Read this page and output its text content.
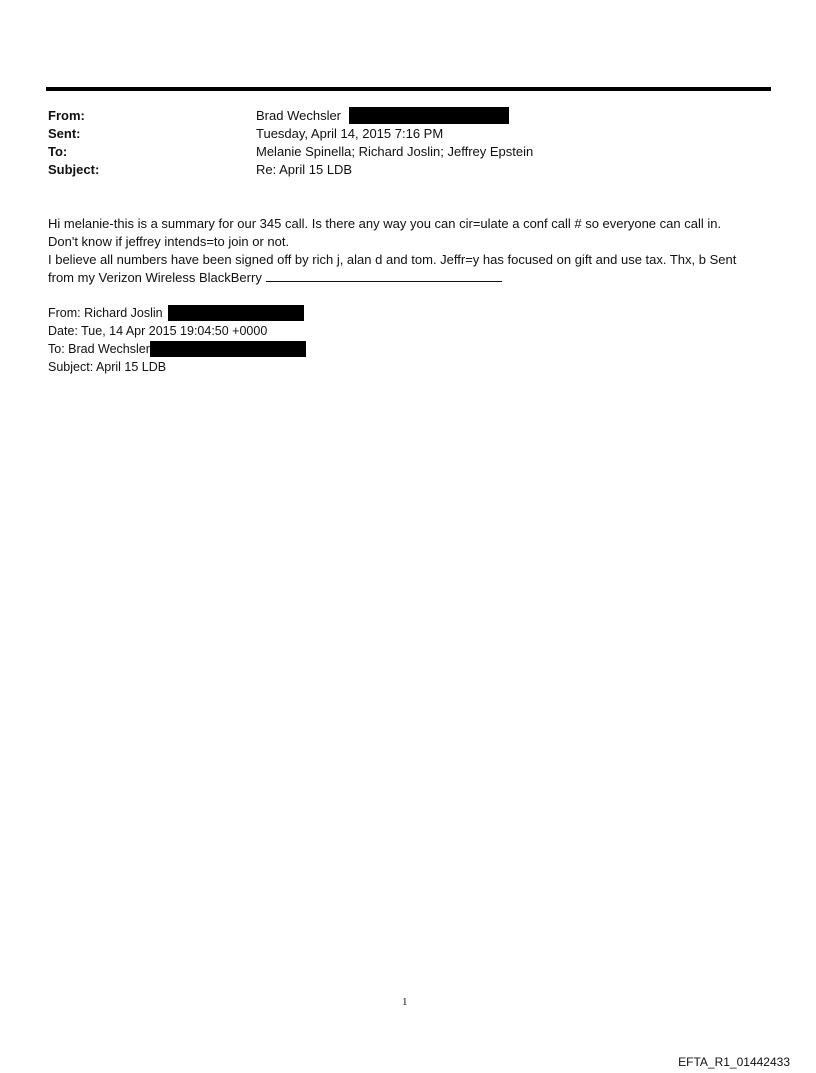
From:	Brad Wechsler
Sent:	Tuesday, April 14, 2015 7:16 PM
To:	Melanie Spinella; Richard Joslin; Jeffrey Epstein
Subject:	Re: April 15 LDB
Hi melanie-this is a summary for our 345 call. Is there any way you can cir=ulate a conf call # so everyone can call in.
Don't know if jeffrey intends=to join or not.
I believe all numbers have been signed off by rich j, alan d and tom. Jeffr=y has focused on gift and use tax. Thx, b Sent
from my Verizon Wireless BlackBerry
From: Richard Joslin
Date: Tue, 14 Apr 2015 19:04:50 +0000
To: Brad Wechsler
Subject: April 15 LDB
1
EFTA_R1_01442433
